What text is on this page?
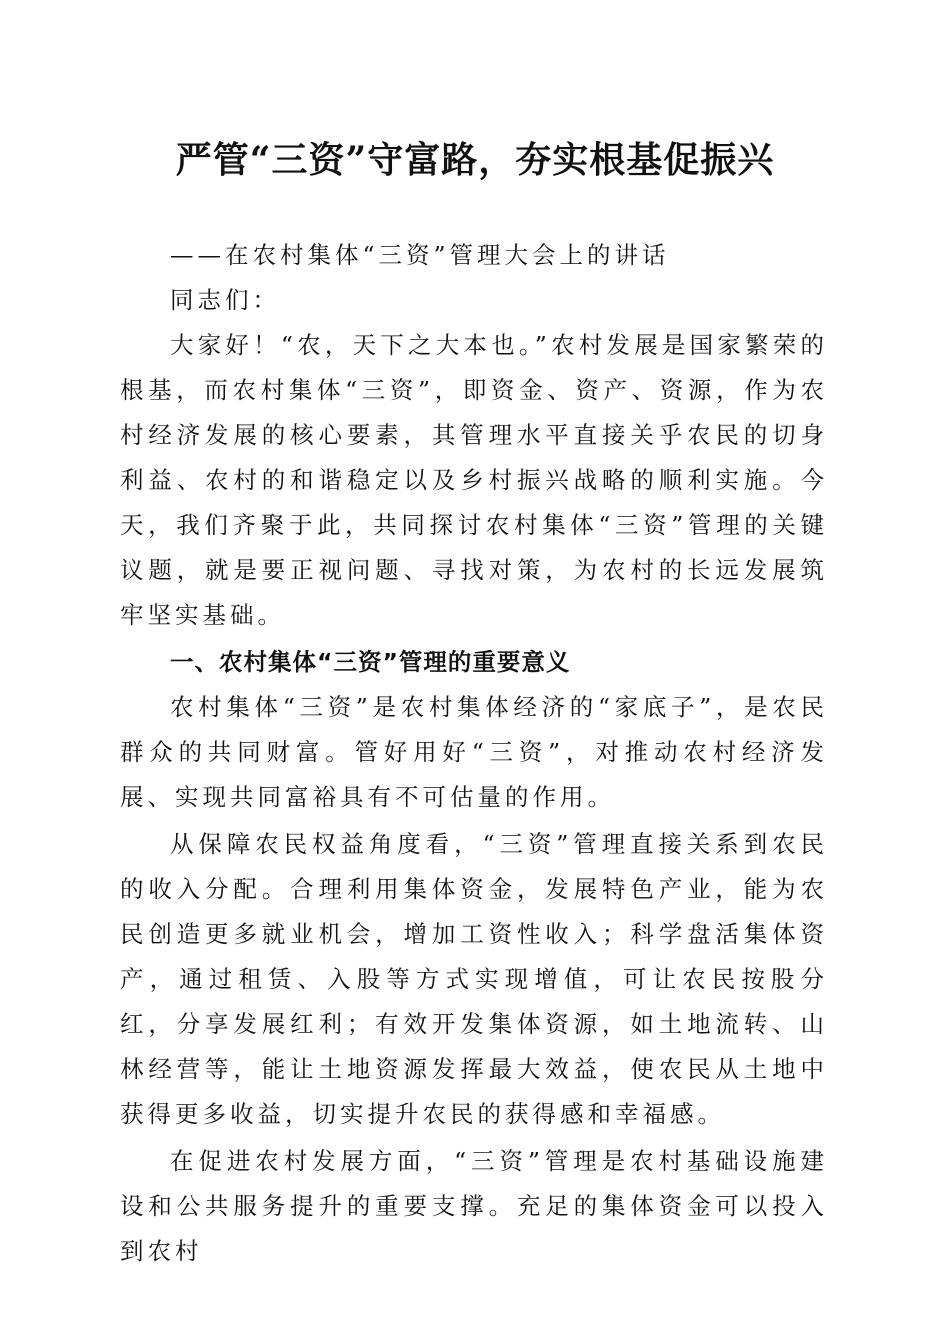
严管“三资”守富路，夯实根基促振兴

——在农村集体“三资”管理大会上的讲话

同志们：

大家好！“农，天下之大本也。”农村发展是国家繁荣的根基，而农村集体“三资”，即资金、资产、资源，作为农村经济发展的核心要素，其管理水平直接关乎农民的切身利益、农村的和谐稳定以及乡村振兴战略的顺利实施。今天，我们齐聚于此，共同探讨农村集体“三资”管理的关键议题，就是要正视问题、寻找对策，为农村的长远发展筑牢坚实基础。

一、农村集体“三资”管理的重要意义

农村集体“三资”是农村集体经济的“家底子”，是农民群众的共同财富。管好用好“三资”，对推动农村经济发展、实现共同富裕具有不可估量的作用。

从保障农民权益角度看，“三资”管理直接关系到农民的收入分配。合理利用集体资金，发展特色产业，能为农民创造更多就业机会，增加工资性收入；科学盘活集体资产，通过租赁、入股等方式实现增值，可让农民按股分红，分享发展红利；有效开发集体资源，如土地流转、山林经营等，能让土地资源发挥最大效益，使农民从土地中获得更多收益，切实提升农民的获得感和幸福感。

在促进农村发展方面，“三资”管理是农村基础设施建设和公共服务提升的重要支撑。充足的集体资金可以投入到农村
